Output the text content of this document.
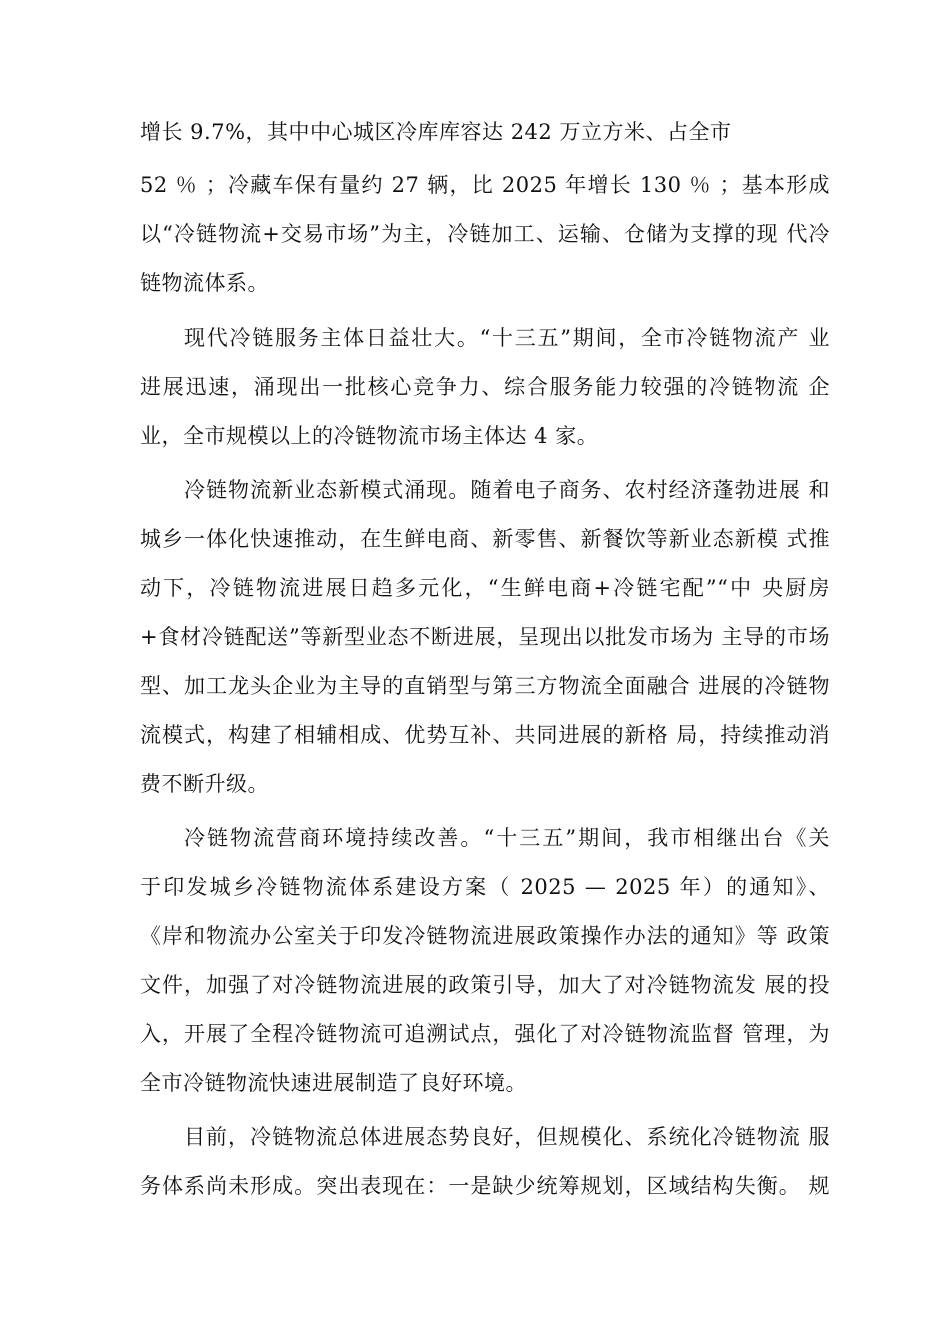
增长 9.7%，其中中心城区冷库库容达 242 万立方米、占全市
52 ％ ；冷藏车保有量约 27 辆，比 2025 年增长 130 ％ ；基本形成
以“冷链物流+交易市场”为主，冷链加工、运输、仓储为支撑的现 代冷
链物流体系。
现代冷链服务主体日益壮大。“十三五”期间，全市冷链物流产 业
进展迅速，涌现出一批核心竞争力、综合服务能力较强的冷链物流 企
业，全市规模以上的冷链物流市场主体达 4 家。
冷链物流新业态新模式涌现。随着电子商务、农村经济蓬勃进展 和
城乡一体化快速推动，在生鲜电商、新零售、新餐饮等新业态新模 式推
动下，冷链物流进展日趋多元化，“生鲜电商+冷链宅配”“中 央厨房
+食材冷链配送”等新型业态不断进展，呈现出以批发市场为 主导的市场
型、加工龙头企业为主导的直销型与第三方物流全面融合 进展的冷链物
流模式，构建了相辅相成、优势互补、共同进展的新格 局，持续推动消
费不断升级。
冷链物流营商环境持续改善。“十三五”期间，我市相继出台《关
于印发城乡冷链物流体系建设方案（ 2025 — 2025 年）的通知》、
《岸和物流办公室关于印发冷链物流进展政策操作办法的通知》等 政策
文件，加强了对冷链物流进展的政策引导，加大了对冷链物流发 展的投
入，开展了全程冷链物流可追溯试点，强化了对冷链物流监督 管理，为
全市冷链物流快速进展制造了良好环境。
目前，冷链物流总体进展态势良好，但规模化、系统化冷链物流 服
务体系尚未形成。突出表现在：一是缺少统筹规划，区域结构失衡。 规
